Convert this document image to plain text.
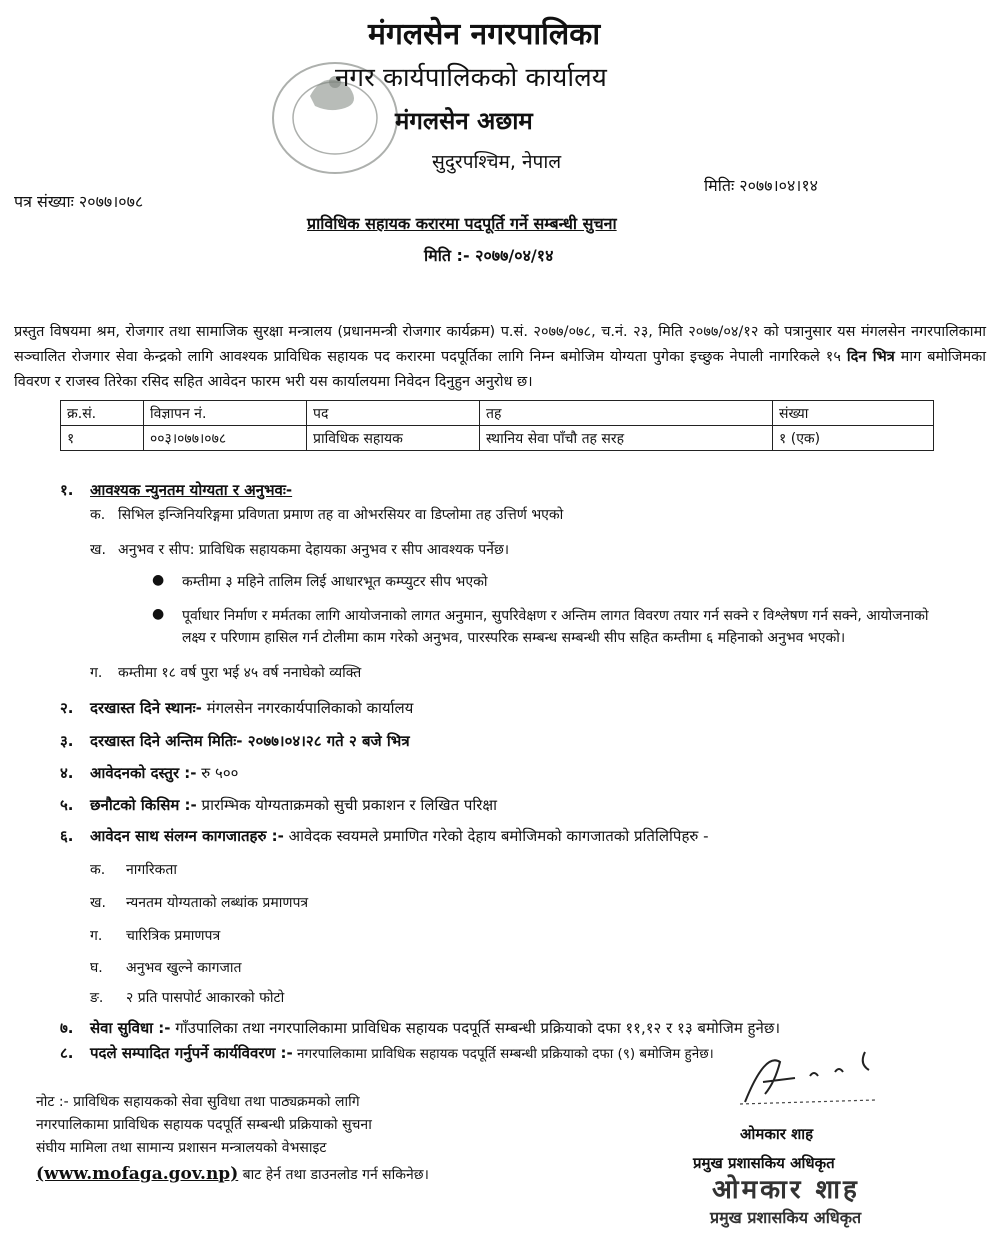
मंगलसेन नगरपालिका
नगर कार्यपालिकको कार्यालय
मंगलसेन अछाम
सुदुरपश्चिम, नेपाल
पत्र संख्याः २०७७।०७८
मितिः २०७७।०४।१४
प्राविधिक सहायक करारमा पदपूर्ति गर्ने सम्बन्धी सुचना
मिति :- २०७७/०४/१४
प्रस्तुत विषयमा श्रम, रोजगार तथा सामाजिक सुरक्षा मन्त्रालय (प्रधानमन्त्री रोजगार कार्यक्रम) प.सं. २०७७/०७८, च.नं. २३, मिति २०७७/०४/१२ को पत्रानुसार यस मंगलसेन नगरपालिकामा सञ्चालित रोजगार सेवा केन्द्रको लागि आवश्यक प्राविधिक सहायक पद करारमा पदपूर्तिका लागि निम्न बमोजिम योग्यता पुगेका इच्छुक नेपाली नागरिकले १५ दिन भित्र माग बमोजिमका विवरण र राजस्व तिरेका रसिद सहित आवेदन फारम भरी यस कार्यालयमा निवेदन दिनुहुन अनुरोध छ।
क्र.सं.	विज्ञापन नं.	पद	तह	संख्या
१	००३।०७७।०७८	प्राविधिक सहायक	स्थानिय सेवा पाँचौ तह सरह	१ (एक)
१. आवश्यक न्युनतम योग्यता र अनुभवः-
क. सिभिल इन्जिनियरिङ्गमा प्रविणता प्रमाण तह वा ओभरसियर वा डिप्लोमा तह उत्तिर्ण भएको
ख. अनुभव र सीप: प्राविधिक सहायकमा देहायका अनुभव र सीप आवश्यक पर्नेछ।
● कम्तीमा ३ महिने तालिम लिई आधारभूत कम्प्युटर सीप भएको
● पूर्वाधार निर्माण र मर्मतका लागि आयोजनाको लागत अनुमान, सुपरिवेक्षण र अन्तिम लागत विवरण तयार गर्न सक्ने र विश्लेषण गर्न सक्ने, आयोजनाको
लक्ष्य र परिणाम हासिल गर्न टोलीमा काम गरेको अनुभव, पारस्परिक सम्बन्ध सम्बन्धी सीप सहित कम्तीमा ६ महिनाको अनुभव भएको।
ग. कम्तीमा १८ वर्ष पुरा भई ४५ वर्ष ननाघेको व्यक्ति
२. दरखास्त दिने स्थानः- मंगलसेन नगरकार्यपालिकाको कार्यालय
३. दरखास्त दिने अन्तिम मितिः- २०७७।०४।२८ गते २ बजे भित्र
४. आवेदनको दस्तुर :- रु ५००
५. छनौटको किसिम :- प्रारम्भिक योग्यताक्रमको सुची प्रकाशन र लिखित परिक्षा
६. आवेदन साथ संलग्न कागजातहरु :- आवेदक स्वयमले प्रमाणित गरेको देहाय बमोजिमको कागजातको प्रतिलिपिहरु -
क. नागरिकता
ख. न्यनतम योग्यताको लब्धांक प्रमाणपत्र
ग. चारित्रिक प्रमाणपत्र
घ. अनुभव खुल्ने कागजात
ङ. २ प्रति पासपोर्ट आकारको फोटो
७. सेवा सुविधा :- गाँउपालिका तथा नगरपालिकामा प्राविधिक सहायक पदपूर्ति सम्बन्धी प्रक्रियाको दफा ११,१२ र १३ बमोजिम हुनेछ।
८. पदले सम्पादित गर्नुपर्ने कार्यविवरण :- नगरपालिकामा प्राविधिक सहायक पदपूर्ति सम्बन्धी प्रक्रियाको दफा (९) बमोजिम हुनेछ।
नोट :- प्राविधिक सहायकको सेवा सुविधा तथा पाठ्यक्रमको लागि
नगरपालिकामा प्राविधिक सहायक पदपूर्ति सम्बन्धी प्रक्रियाको सुचना
संघीय मामिला तथा सामान्य प्रशासन मन्त्रालयको वेभसाइट
(www.mofaga.gov.np) बाट हेर्न तथा डाउनलोड गर्न सकिनेछ।
ओमकार शाह
प्रमुख प्रशासकिय अधिकृत
ओमकार शाह
प्रमुख प्रशासकिय अधिकृत
